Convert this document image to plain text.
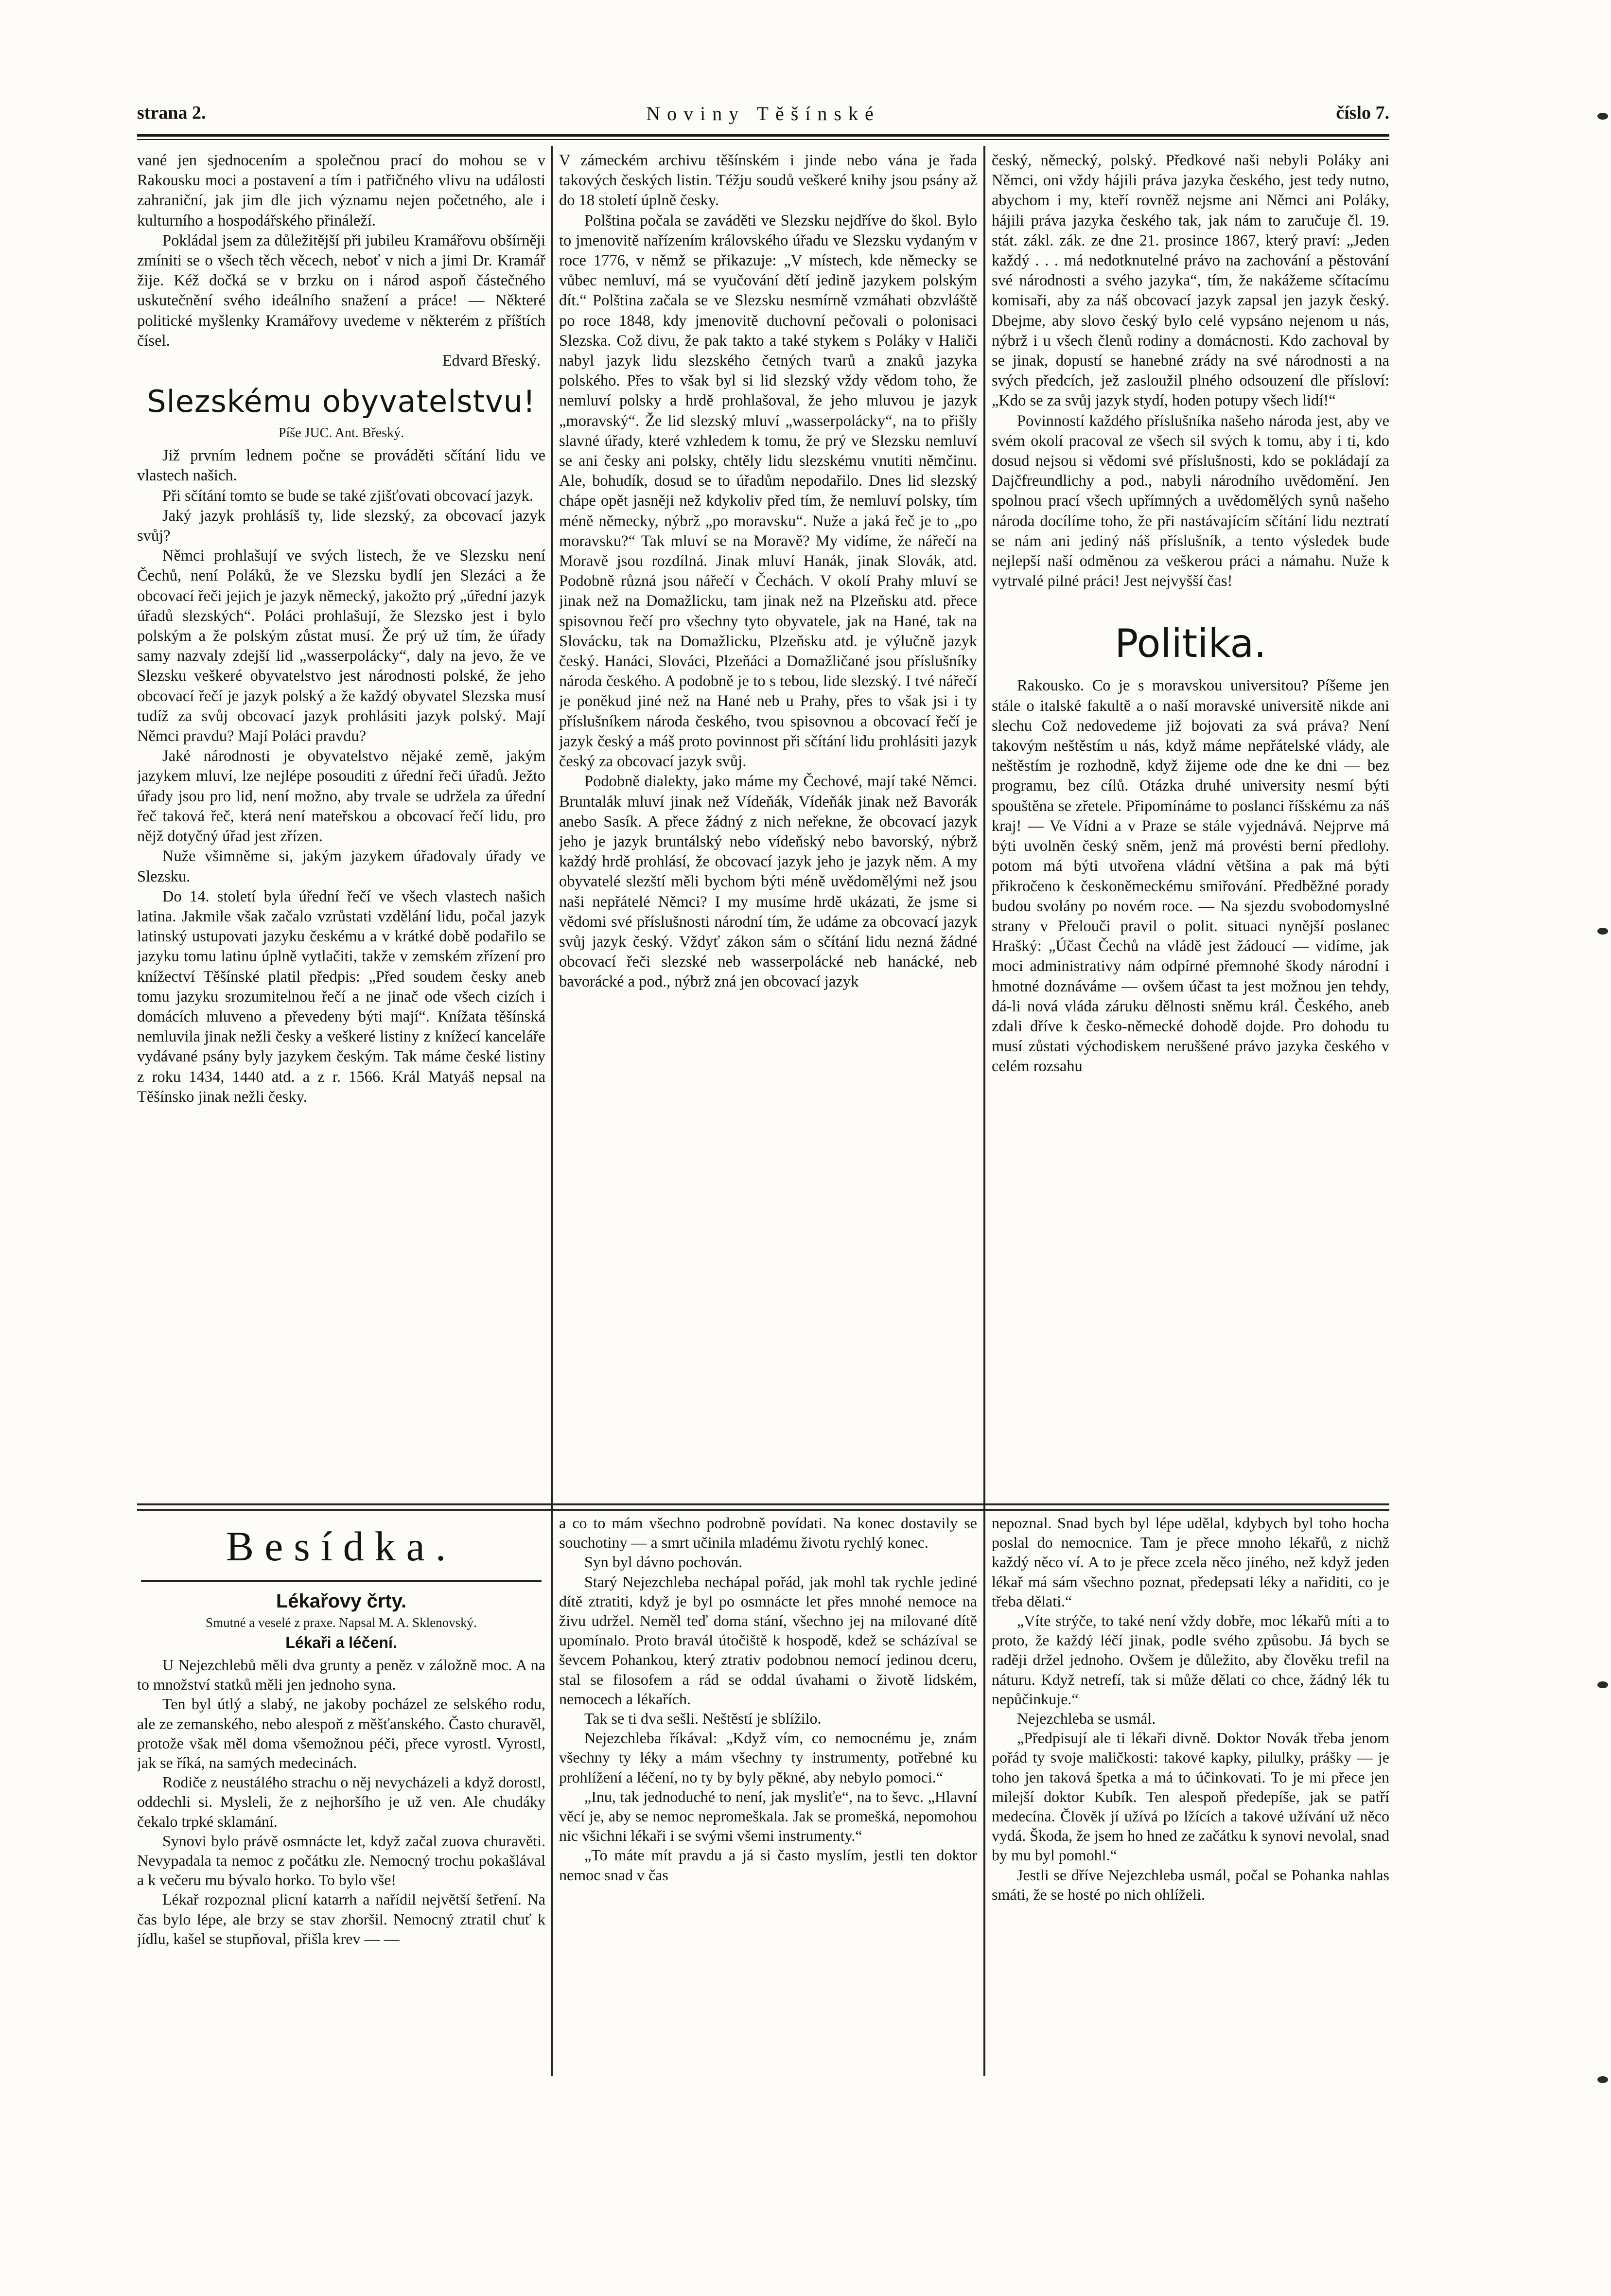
strana 2.	Noviny Těšínské	číslo 7.

vané jen sjednocením a společnou prací do mohou se v Rakousku moci a postavení a tím i patřičného vlivu na události zahraniční, jak jim dle jich významu nejen početného, ale i kulturního a hospodářského přináleží.

Pokládal jsem za důležitější při jubileu Kramářovu obšírněji zmíniti se o všech těch věcech, neboť v nich a jimi Dr. Kramář žije. Kéž dočká se v brzku on i národ aspoň částečného uskutečnění svého ideálního snažení a práce! — Některé politické myšlenky Kramářovy uvedeme v některém z příštích čísel.

Edvard Břeský.

Slezskému obyvatelstvu!
Píše JUC. Ant. Břeský.

Již prvním lednem počne se prováděti sčítání lidu ve vlastech našich.

Při sčítání tomto se bude se také zjišťovati obcovací jazyk.

Jaký jazyk prohlásíš ty, lide slezský, za obcovací jazyk svůj?

Němci prohlašují ve svých listech, že ve Slezsku není Čechů, není Poláků, že ve Slezsku bydlí jen Slezáci a že obcovací řeči jejich je jazyk německý, jakožto prý „úřední jazyk úřadů slezských“. Poláci prohlašují, že Slezsko jest i bylo polským a že polským zůstat musí. Že prý už tím, že úřady samy nazvaly zdejší lid „wasserpolácky“, daly na jevo, že ve Slezsku veškeré obyvatelstvo jest národnosti polské, že jeho obcovací řečí je jazyk polský a že každý obyvatel Slezska musí tudíž za svůj obcovací jazyk prohlásiti jazyk polský. Mají Němci pravdu? Mají Poláci pravdu?

Jaké národnosti je obyvatelstvo nějaké země, jakým jazykem mluví, lze nejlépe posouditi z úřední řeči úřadů. Ježto úřady jsou pro lid, není možno, aby trvale se udržela za úřední řeč taková řeč, která není mateřskou a obcovací řečí lidu, pro nějž dotyčný úřad jest zřízen.

Nuže všimněme si, jakým jazykem úřadovaly úřady ve Slezsku.

Do 14. století byla úřední řečí ve všech vlastech našich latina. Jakmile však začalo vzrůstati vzdělání lidu, počal jazyk latinský ustupovati jazyku českému a v krátké době podařilo se jazyku tomu latinu úplně vytlačiti, takže v zemském zřízení pro knížectví Těšínské platil předpis: „Před soudem česky aneb tomu jazyku srozumitelnou řečí a ne jinač ode všech cizích i domácích mluveno a převedeny býti mají“. Knížata těšínská nemluvila jinak nežli česky a veškeré listiny z knížecí kanceláře vydávané psány byly jazykem českým. Tak máme české listiny z roku 1434, 1440 atd. a z r. 1566. Král Matyáš nepsal na Těšínsko jinak nežli česky.

V zámeckém archivu těšínském i jinde nebo vána je řada takových českých listin. Téžju soudů veškeré knihy jsou psány až do 18 století úplně česky.

Polština počala se zaváděti ve Slezsku nejdříve do škol. Bylo to jmenovitě nařízením královského úřadu ve Slezsku vydaným v roce 1776, v němž se přikazuje: „V místech, kde německy se vůbec nemluví, má se vyučování dětí jedině jazykem polským dít.“ Polština začala se ve Slezsku nesmírně vzmáhati obzvláště po roce 1848, kdy jmenovitě duchovní pečovali o polonisaci Slezska. Což divu, že pak takto a také stykem s Poláky v Haliči nabyl jazyk lidu slezského četných tvarů a znaků jazyka polského. Přes to však byl si lid slezský vždy vědom toho, že nemluví polsky a hrdě prohlašoval, že jeho mluvou je jazyk „moravský“. Že lid slezský mluví „wasserpolácky“, na to přišly slavné úřady, které vzhledem k tomu, že prý ve Slezsku nemluví se ani česky ani polsky, chtěly lidu slezskému vnutiti němčinu. Ale, bohudík, dosud se to úřadům nepodařilo. Dnes lid slezský chápe opět jasněji než kdykoliv před tím, že nemluví polsky, tím méně německy, nýbrž „po moravsku“. Nuže a jaká řeč je to „po moravsku?“ Tak mluví se na Moravě? My vidíme, že nářečí na Moravě jsou rozdílná. Jinak mluví Hanák, jinak Slovák, atd. Podobně různá jsou nářečí v Čechách. V okolí Prahy mluví se jinak než na Domažlicku, tam jinak než na Plzeňsku atd. přece spisovnou řečí pro všechny tyto obyvatele, jak na Hané, tak na Slovácku, tak na Domažlicku, Plzeňsku atd. je výlučně jazyk český. Hanáci, Slováci, Plzeňáci a Domažličané jsou příslušníky národa českého. A podobně je to s tebou, lide slezský. I tvé nářečí je poněkud jiné než na Hané neb u Prahy, přes to však jsi i ty příslušníkem národa českého, tvou spisovnou a obcovací řečí je jazyk český a máš proto povinnost při sčítání lidu prohlásiti jazyk český za obcovací jazyk svůj.

Podobně dialekty, jako máme my Čechové, mají také Němci. Bruntalák mluví jinak než Vídeňák, Vídeňák jinak než Bavorák anebo Sasík. A přece žádný z nich neřekne, že obcovací jazyk jeho je jazyk bruntálský nebo vídeňský nebo bavorský, nýbrž každý hrdě prohlásí, že obcovací jazyk jeho je jazyk něm. A my obyvatelé slezští měli bychom býti méně uvědomělými než jsou naši nepřátelé Němci? I my musíme hrdě ukázati, že jsme si vědomi své příslušnosti národní tím, že udáme za obcovací jazyk svůj jazyk český. Vždyť zákon sám o sčítání lidu nezná žádné obcovací řeči slezské neb wasserpolácké neb hanácké, neb bavorácké a pod., nýbrž zná jen obcovací jazyk

český, německý, polský. Předkové naši nebyli Poláky ani Němci, oni vždy hájili práva jazyka českého, jest tedy nutno, abychom i my, kteří rovněž nejsme ani Němci ani Poláky, hájili práva jazyka českého tak, jak nám to zaručuje čl. 19. stát. zákl. zák. ze dne 21. prosince 1867, který praví: „Jeden každý . . . má nedotknutelné právo na zachování a pěstování své národnosti a svého jazyka“, tím, že nakážeme sčítacímu komisaři, aby za náš obcovací jazyk zapsal jen jazyk český. Dbejme, aby slovo český bylo celé vypsáno nejenom u nás, nýbrž i u všech členů rodiny a domácnosti. Kdo zachoval by se jinak, dopustí se hanebné zrády na své národnosti a na svých předcích, jež zasloužil plného odsouzení dle přísloví: „Kdo se za svůj jazyk stydí, hoden potupy všech lidí!“

Povinností každého příslušníka našeho národa jest, aby ve svém okolí pracoval ze všech sil svých k tomu, aby i ti, kdo dosud nejsou si vědomi své příslušnosti, kdo se pokládají za Dajčfreundlichy a pod., nabyli národního uvědomění. Jen spolnou prací všech upřímných a uvědomělých synů našeho národa docílíme toho, že při nastávajícím sčítání lidu neztratí se nám ani jediný náš příslušník, a tento výsledek bude nejlepší naší odměnou za veškerou práci a námahu. Nuže k vytrvalé pilné práci! Jest nejvyšší čas!

Politika.

Rakousko. Co je s moravskou universitou? Píšeme jen stále o italské fakultě a o naší moravské universitě nikde ani slechu Což nedovedeme již bojovati za svá práva? Není takovým neštěstím u nás, když máme nepřátelské vlády, ale neštěstím je rozhodně, když žijeme ode dne ke dni — bez programu, bez cílů. Otázka druhé university nesmí býti spouštěna se zřetele. Připomínáme to poslanci říšskému za náš kraj! — Ve Vídni a v Praze se stále vyjednává. Nejprve má býti uvolněn český sněm, jenž má provésti berní předlohy. potom má býti utvořena vládní většina a pak má býti přikročeno k českoněmeckému smiřování. Předběžné porady budou svolány po novém roce. — Na sjezdu svobodomyslné strany v Přelouči pravil o polit. situaci nynější poslanec Hrašký: „Účast Čechů na vládě jest žádoucí — vidíme, jak moci administrativy nám odpírné přemnohé škody národní i hmotné doznáváme — ovšem účast ta jest možnou jen tehdy, dá-li nová vláda záruku dělnosti sněmu král. Českého, aneb zdali dříve k česko-německé dohodě dojde. Pro dohodu tu musí zůstati východiskem neruššené právo jazyka českého v celém rozsahu

Besídka.
Lékařovy črty.
Smutné a veselé z praxe. Napsal M. A. Sklenovský.
Lékaři a léčení.

U Nejezchlebů měli dva grunty a peněz v záložně moc. A na to množství statků měli jen jednoho syna.

Ten byl útlý a slabý, ne jakoby pocházel ze selského rodu, ale ze zemanského, nebo alespoň z měšťanského. Často churavěl, protože však měl doma všemožnou péči, přece vyrostl. Vyrostl, jak se říká, na samých medecinách.

Rodiče z neustálého strachu o něj nevycházeli a když dorostl, oddechli si. Mysleli, že z nejhoršího je už ven. Ale chudáky čekalo trpké sklamání.

Synovi bylo právě osmnácte let, když začal zuova churavěti. Nevypadala ta nemoc z počátku zle. Nemocný trochu pokašlával a k večeru mu bývalo horko. To bylo vše!

Lékař rozpoznal plicní katarrh a nařídil největší šetření. Na čas bylo lépe, ale brzy se stav zhoršil. Nemocný ztratil chuť k jídlu, kašel se stupňoval, přišla krev — —

a co to mám všechno podrobně povídati. Na konec dostavily se souchotiny — a smrt učinila mladému životu rychlý konec.

Syn byl dávno pochován.

Starý Nejezchleba nechápal pořád, jak mohl tak rychle jediné dítě ztratiti, když je byl po osmnácte let přes mnohé nemoce na živu udržel. Neměl teď doma stání, všechno jej na milované dítě upomínalo. Proto bravál útočiště k hospodě, kdež se scházíval se ševcem Pohankou, který ztrativ podobnou nemocí jedinou dceru, stal se filosofem a rád se oddal úvahami o životě lidském, nemocech a lékařích.

Tak se ti dva sešli. Neštěstí je sblížilo.

Nejezchleba říkával: „Když vím, co nemocnému je, znám všechny ty léky a mám všechny ty instrumenty, potřebné ku prohlížení a léčení, no ty by byly pěkné, aby nebylo pomoci.“

„Inu, tak jednoduché to není, jak mysliťe“, na to ševc. „Hlavní věcí je, aby se nemoc nepromeškala. Jak se promešká, nepomohou nic všichni lékaři i se svými všemi instrumenty.“

„To máte mít pravdu a já si často myslím, jestli ten doktor nemoc snad v čas

nepoznal. Snad bych byl lépe udělal, kdybych byl toho hocha poslal do nemocnice. Tam je přece mnoho lékařů, z nichž každý něco ví. A to je přece zcela něco jiného, než když jeden lékař má sám všechno poznat, předepsati léky a nařiditi, co je třeba dělati.“

„Víte strýče, to také není vždy dobře, moc lékařů míti a to proto, že každý léčí jinak, podle svého způsobu. Já bych se raději držel jednoho. Ovšem je důležito, aby člověku trefil na náturu. Když netrefí, tak si může dělati co chce, žádný lék tu nepůčinkuje.“

Nejezchleba se usmál.

„Předpisují ale ti lékaři divně. Doktor Novák třeba jenom pořád ty svoje maličkosti: takové kapky, pilulky, prášky — je toho jen taková špetka a má to účinkovati. To je mi přece jen milejší doktor Kubík. Ten alespoň předepíše, jak se patří medecína. Člověk jí užívá po lžících a takové užívání už něco vydá. Škoda, že jsem ho hned ze začátku k synovi nevolal, snad by mu byl pomohl.“

Jestli se dříve Nejezchleba usmál, počal se Pohanka nahlas smáti, že se hosté po nich ohlíželi.
